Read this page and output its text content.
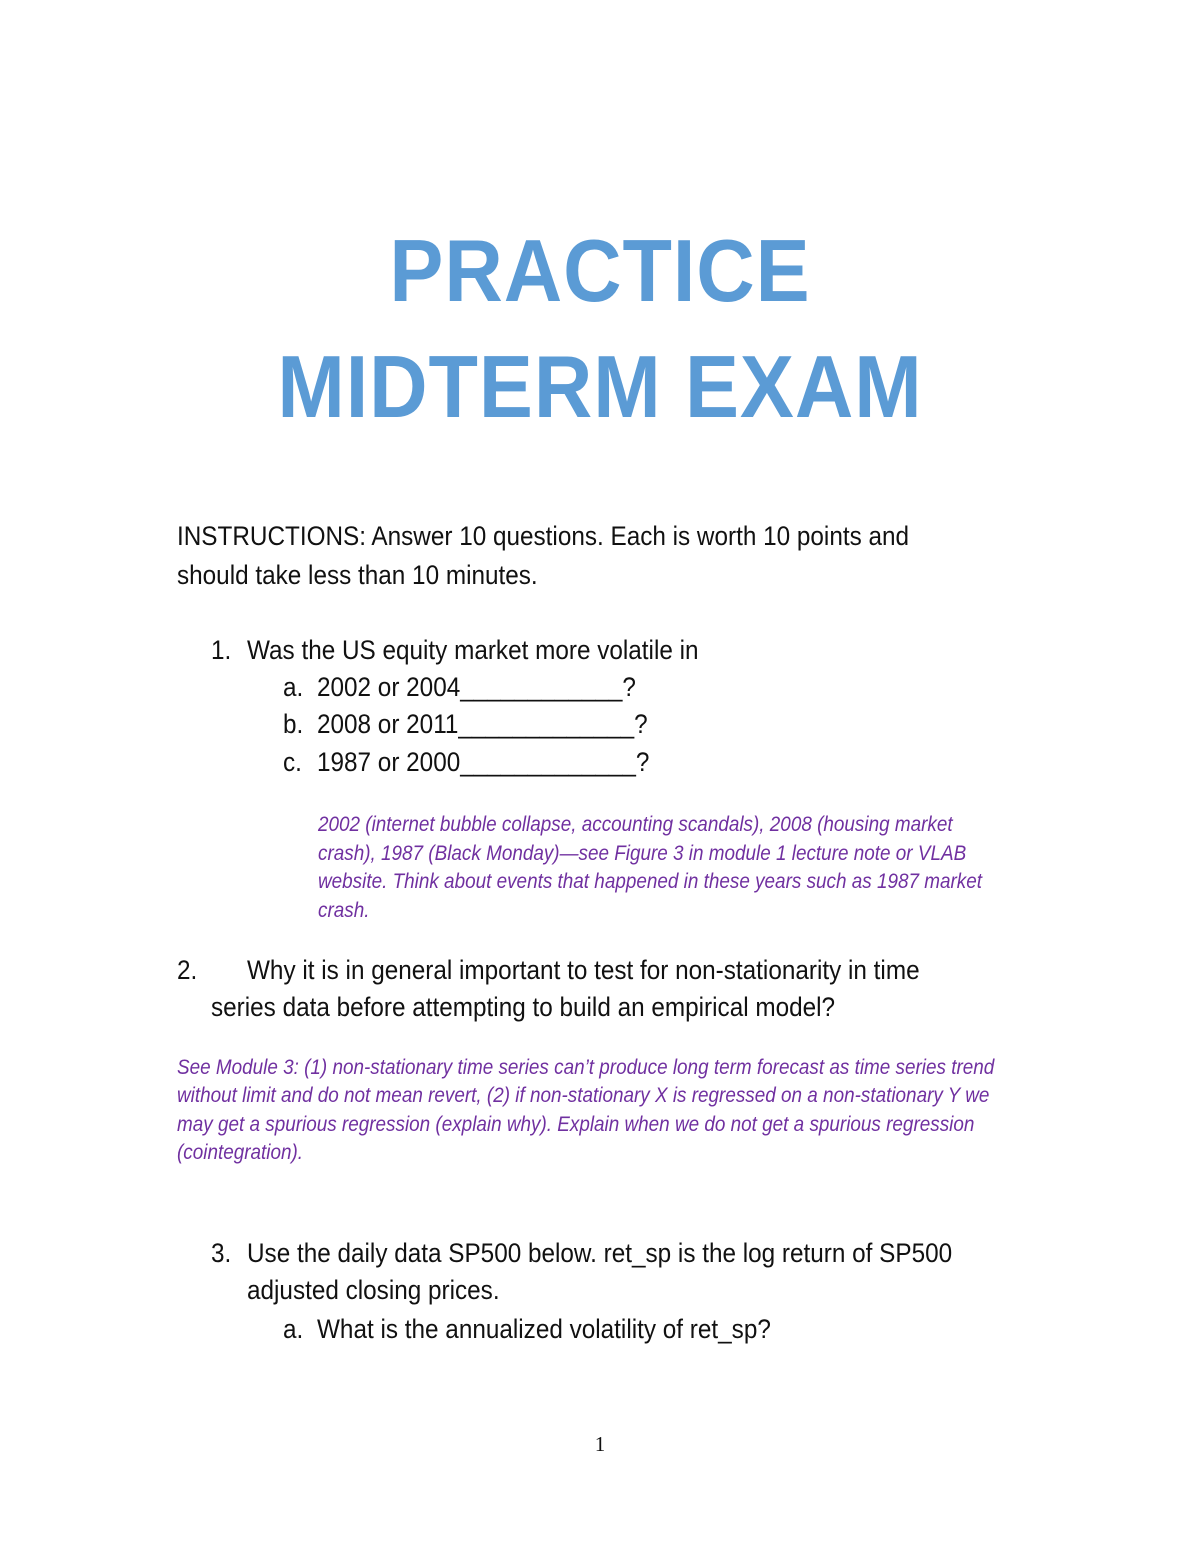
PRACTICE
MIDTERM EXAM
INSTRUCTIONS: Answer 10 questions. Each is worth 10 points and
should take less than 10 minutes.
1. Was the US equity market more volatile in
a. 2002 or 2004____________?
b. 2008 or 2011_____________?
c. 1987 or 2000_____________?
2002 (internet bubble collapse, accounting scandals), 2008 (housing market
crash), 1987 (Black Monday)—see Figure 3 in module 1 lecture note or VLAB
website. Think about events that happened in these years such as 1987 market
crash.
2. Why it is in general important to test for non-stationarity in time
series data before attempting to build an empirical model?
See Module 3: (1) non-stationary time series can’t produce long term forecast as time series trend
without limit and do not mean revert, (2) if non-stationary X is regressed on a non-stationary Y we
may get a spurious regression (explain why). Explain when we do not get a spurious regression
(cointegration).
3. Use the daily data SP500 below. ret_sp is the log return of SP500
adjusted closing prices.
a. What is the annualized volatility of ret_sp?
1
